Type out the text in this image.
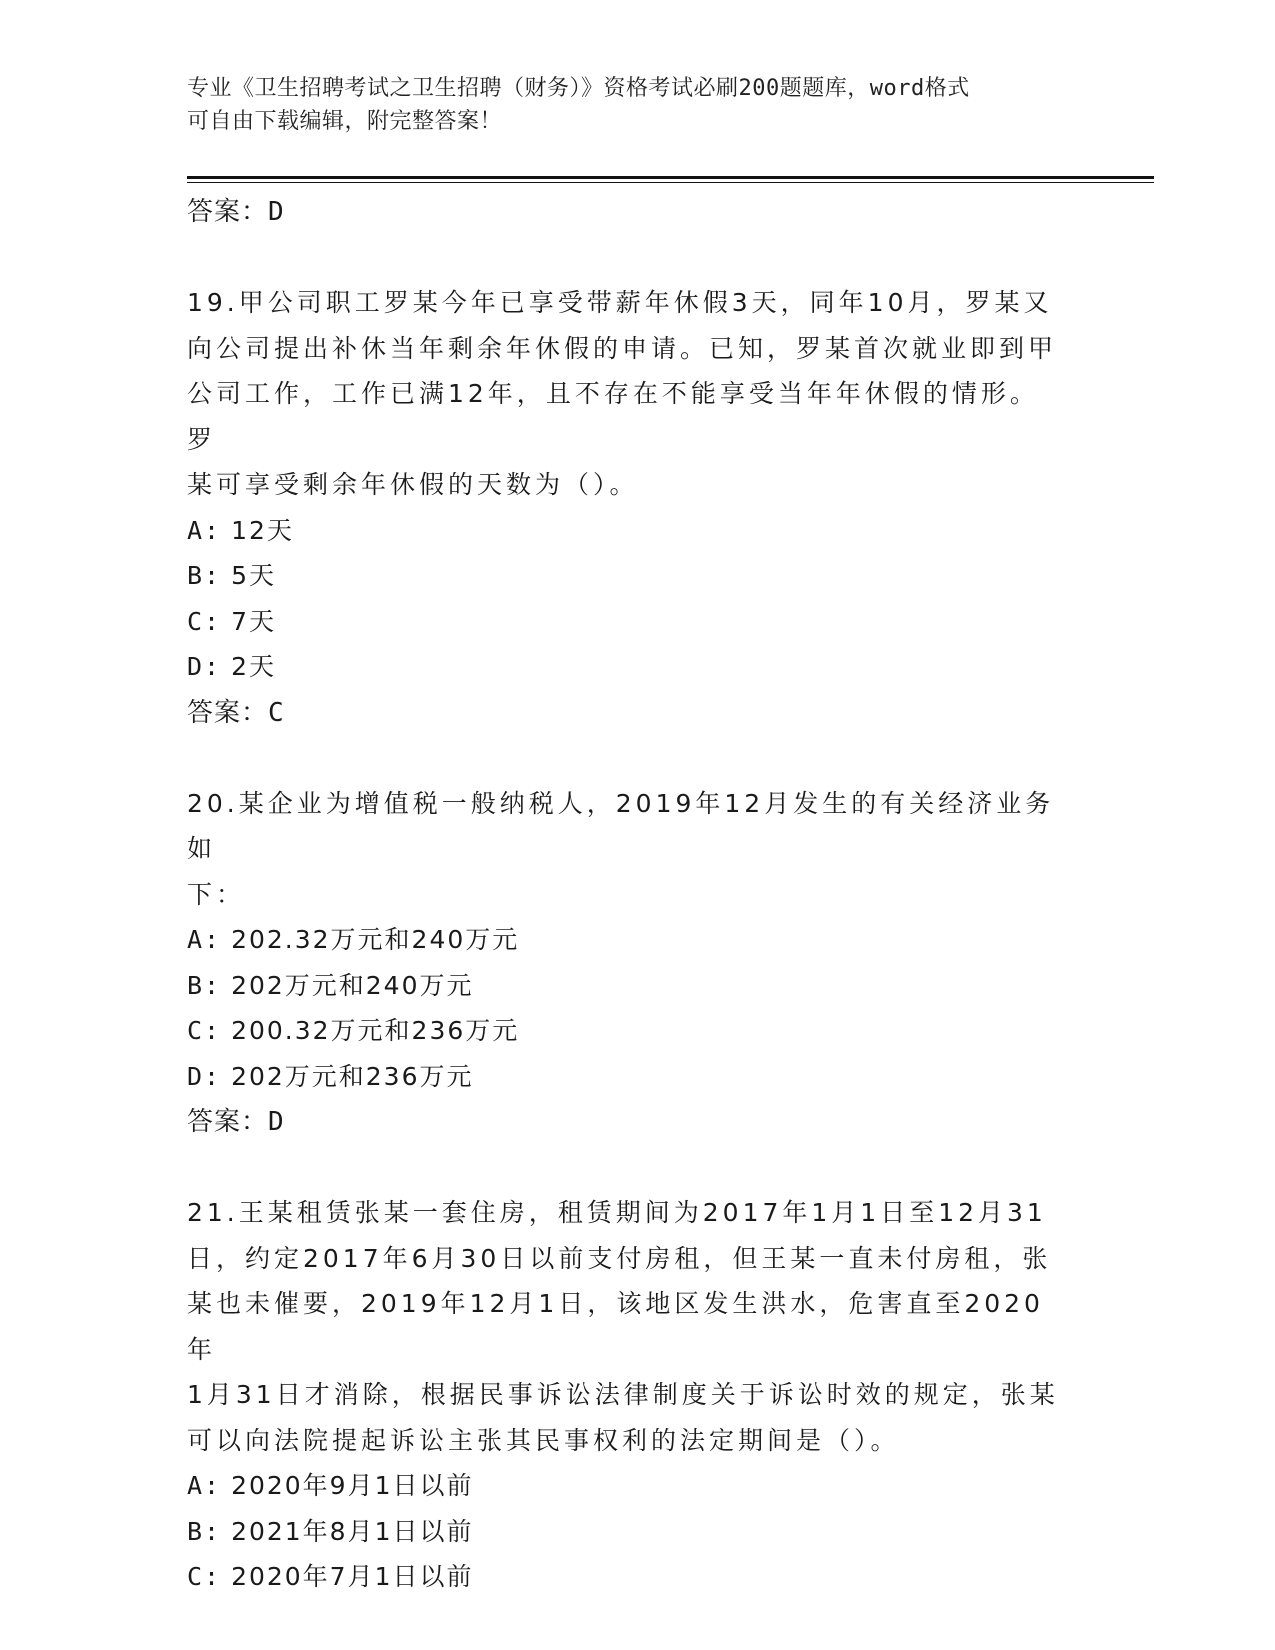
专业《卫生招聘考试之卫生招聘（财务）》资格考试必刷200题题库，word格式
可自由下载编辑，附完整答案！
答案：D

19.甲公司职工罗某今年已享受带薪年休假3天，同年10月，罗某又
向公司提出补休当年剩余年休假的申请。已知，罗某首次就业即到甲
公司工作，工作已满12年，且不存在不能享受当年年休假的情形。罗
某可享受剩余年休假的天数为（）。

A: 12天
B: 5天
C: 7天
D: 2天
答案：C

20.某企业为增值税一般纳税人，2019年12月发生的有关经济业务如
下：

A: 202.32万元和240万元
B: 202万元和240万元
C: 200.32万元和236万元
D: 202万元和236万元
答案：D

21.王某租赁张某一套住房，租赁期间为2017年1月1日至12月31
日，约定2017年6月30日以前支付房租，但王某一直未付房租，张
某也未催要，2019年12月1日，该地区发生洪水，危害直至2020年
1月31日才消除，根据民事诉讼法律制度关于诉讼时效的规定，张某
可以向法院提起诉讼主张其民事权利的法定期间是（）。

A: 2020年9月1日以前
B: 2021年8月1日以前
C: 2020年7月1日以前
